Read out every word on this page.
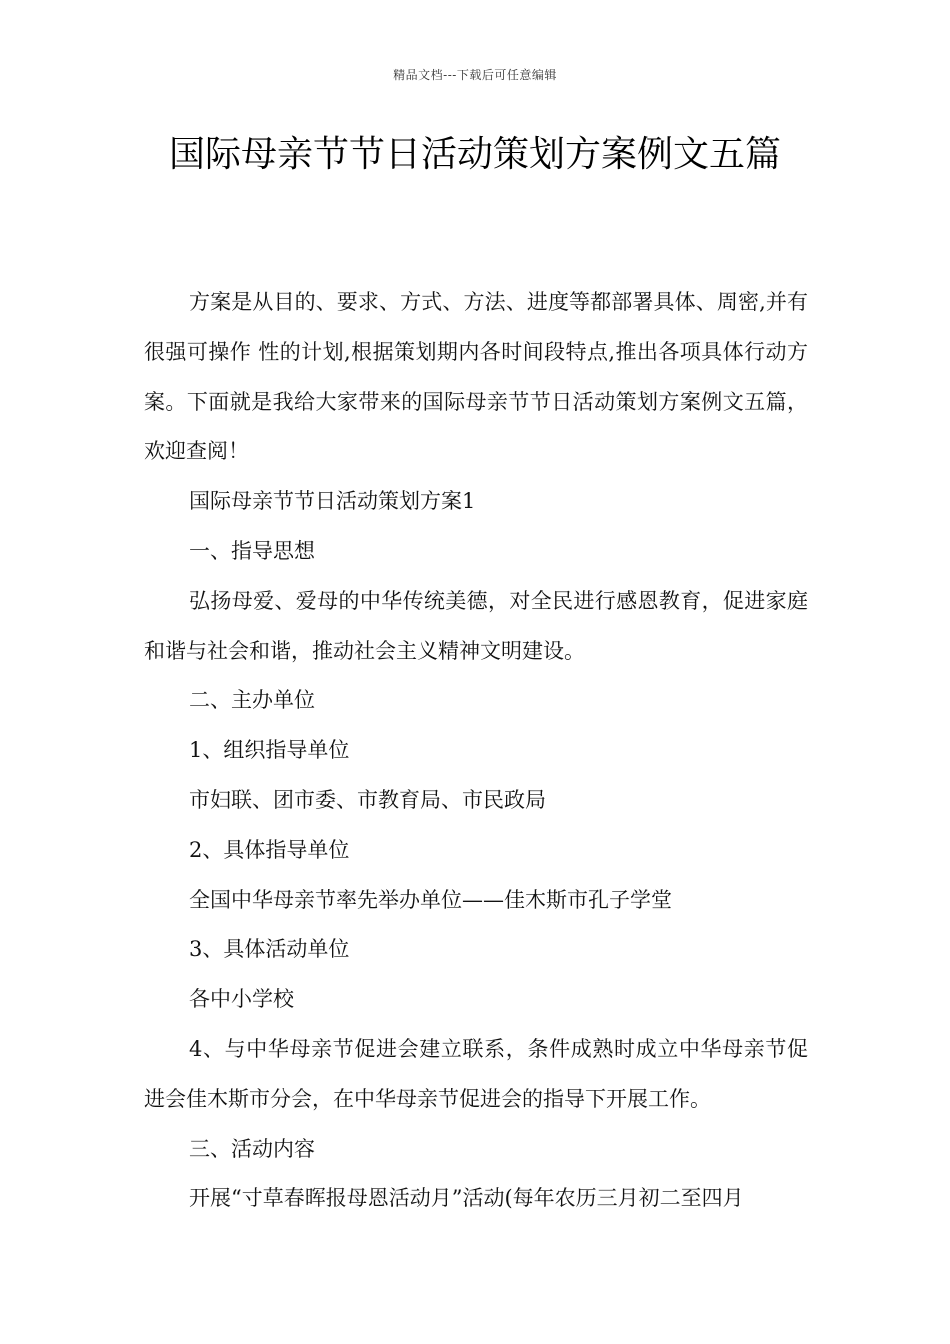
精品文档---下载后可任意编辑
国际母亲节节日活动策划方案例文五篇

方案是从目的、要求、方式、方法、进度等都部署具体、周密,并有很强可操作 性的计划,根据策划期内各时间段特点,推出各项具体行动方案。下面就是我给大家带来的国际母亲节节日活动策划方案例文五篇，欢迎查阅！

国际母亲节节日活动策划方案1

一、指导思想

弘扬母爱、爱母的中华传统美德，对全民进行感恩教育，促进家庭和谐与社会和谐，推动社会主义精神文明建设。

二、主办单位

1、组织指导单位

市妇联、团市委、市教育局、市民政局

2、具体指导单位

全国中华母亲节率先举办单位——佳木斯市孔子学堂

3、具体活动单位

各中小学校

4、与中华母亲节促进会建立联系，条件成熟时成立中华母亲节促进会佳木斯市分会，在中华母亲节促进会的指导下开展工作。

三、活动内容

开展“寸草春晖报母恩活动月”活动(每年农历三月初二至四月
